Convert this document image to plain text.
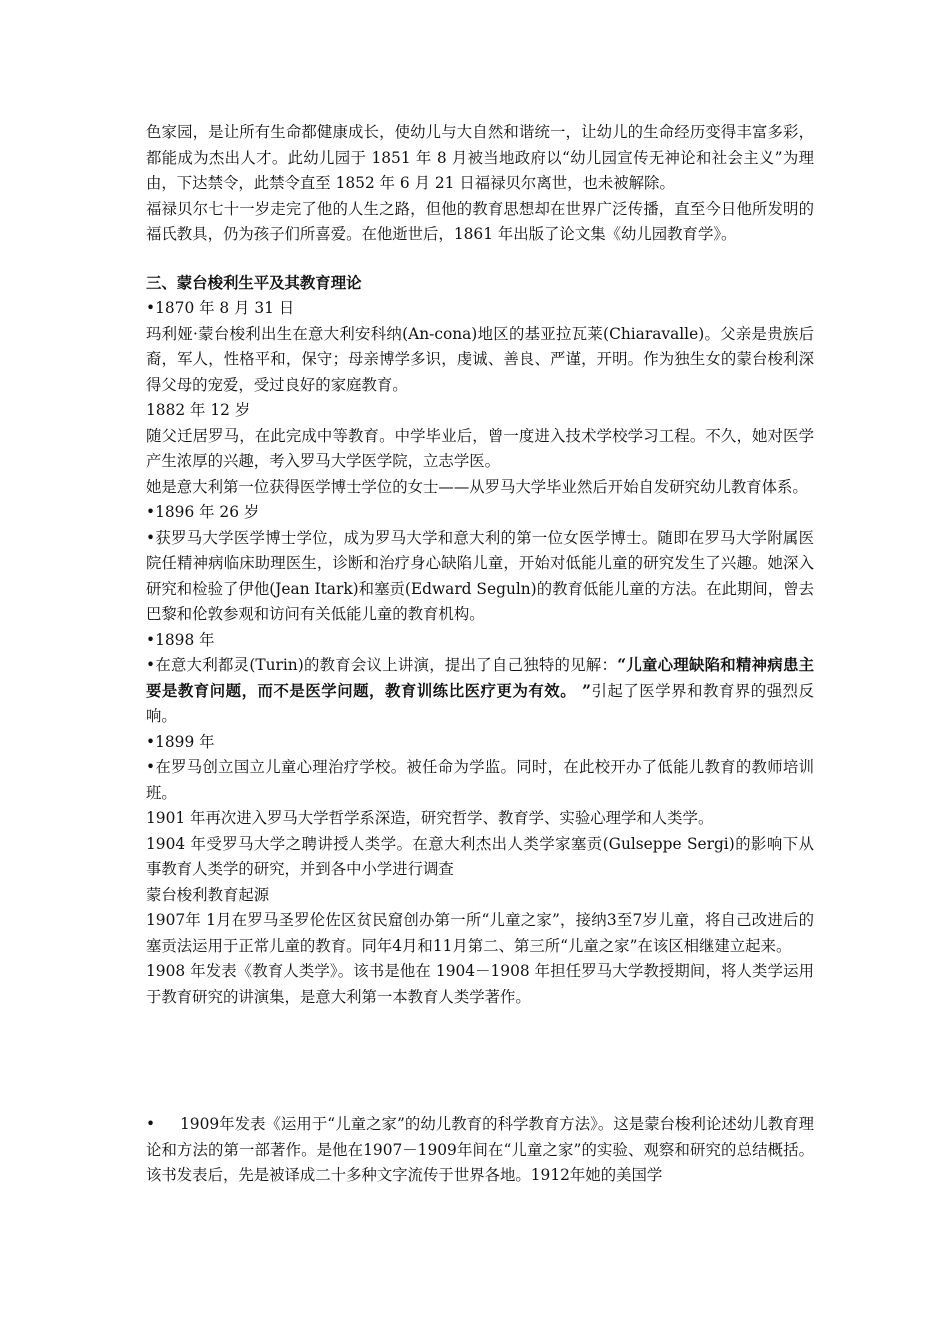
色家园，是让所有生命都健康成长，使幼儿与大自然和谐统一，让幼儿的生命经历变得丰富多彩，都能成为杰出人才。此幼儿园于 1851 年 8 月被当地政府以“幼儿园宣传无神论和社会主义”为理由，下达禁令，此禁令直至 1852 年 6 月 21 日福禄贝尔离世，也未被解除。

福禄贝尔七十一岁走完了他的人生之路，但他的教育思想却在世界广泛传播，直至今日他所发明的福氏教具，仍为孩子们所喜爱。在他逝世后，1861 年出版了论文集《幼儿园教育学》。

三、蒙台梭利生平及其教育理论

•1870 年 8 月 31 日

玛利娅·蒙台梭利出生在意大利安科纳(An-cona)地区的基亚拉瓦莱(Chiaravalle)。父亲是贵族后裔，军人，性格平和，保守；母亲博学多识，虔诚、善良、严谨，开明。作为独生女的蒙台梭利深得父母的宠爱，受过良好的家庭教育。

1882 年 12 岁

随父迁居罗马，在此完成中等教育。中学毕业后，曾一度进入技术学校学习工程。不久，她对医学产生浓厚的兴趣，考入罗马大学医学院，立志学医。

她是意大利第一位获得医学博士学位的女士——从罗马大学毕业然后开始自发研究幼儿教育体系。

•1896 年 26 岁

•获罗马大学医学博士学位，成为罗马大学和意大利的第一位女医学博士。随即在罗马大学附属医院任精神病临床助理医生，诊断和治疗身心缺陷儿童，开始对低能儿童的研究发生了兴趣。她深入研究和检验了伊他(Jean Itark)和塞贡(Edward Seguln)的教育低能儿童的方法。在此期间，曾去巴黎和伦敦参观和访问有关低能儿童的教育机构。

•1898 年

•在意大利都灵(Turin)的教育会议上讲演，提出了自己独特的见解：“儿童心理缺陷和精神病患主要是教育问题，而不是医学问题，教育训练比医疗更为有效。 ”引起了医学界和教育界的强烈反响。

•1899 年

•在罗马创立国立儿童心理治疗学校。被任命为学监。同时，在此校开办了低能儿教育的教师培训班。

1901 年再次进入罗马大学哲学系深造，研究哲学、教育学、实验心理学和人类学。

1904 年受罗马大学之聘讲授人类学。在意大利杰出人类学家塞贡(Gulseppe Sergi)的影响下从事教育人类学的研究，并到各中小学进行调查

蒙台梭利教育起源

1907年 1月在罗马圣罗伦佐区贫民窟创办第一所“儿童之家”，接纳3至7岁儿童，将自己改进后的塞贡法运用于正常儿童的教育。同年4月和11月第二、第三所“儿童之家”在该区相继建立起来。

1908 年发表《教育人类学》。该书是他在 1904－1908 年担任罗马大学教授期间，将人类学运用于教育研究的讲演集，是意大利第一本教育人类学著作。

• 1909年发表《运用于“儿童之家”的幼儿教育的科学教育方法》。这是蒙台梭利论述幼儿教育理论和方法的第一部著作。是他在1907－1909年间在“儿童之家”的实验、观察和研究的总结概括。该书发表后，先是被译成二十多种文字流传于世界各地。1912年她的美国学
